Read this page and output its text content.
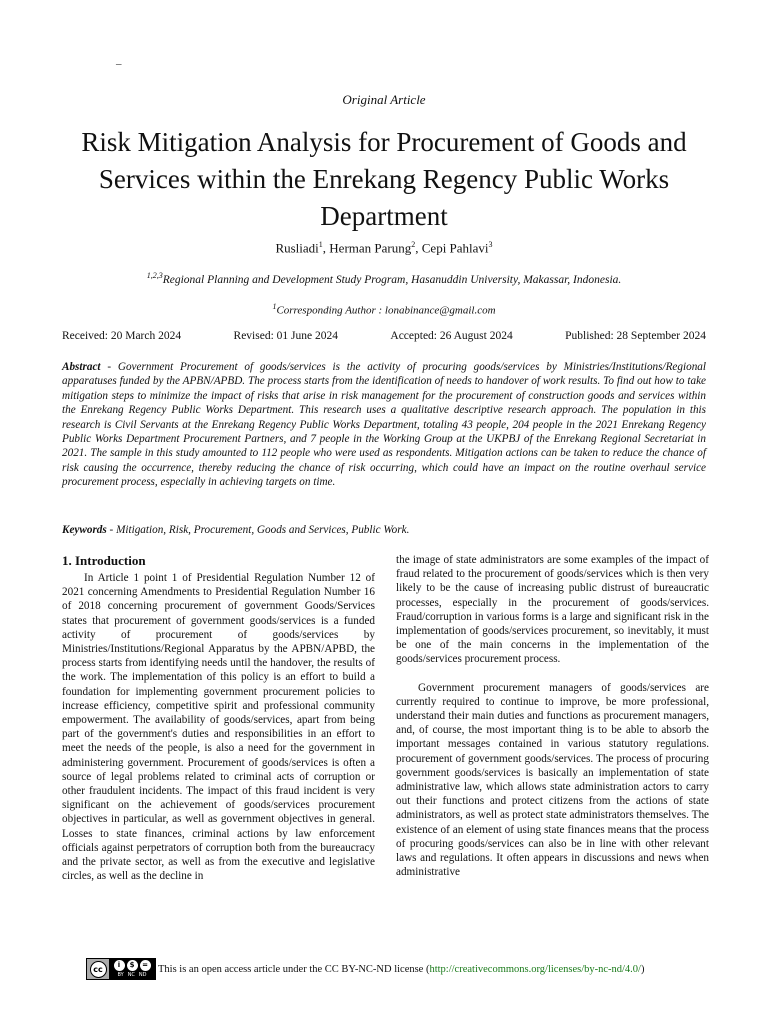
–
Original Article
Risk Mitigation Analysis for Procurement of Goods and Services within the Enrekang Regency Public Works Department
Rusliadi$^1$, Herman Parung$^2$, Cepi Pahlavi$^3$
$^{1,2,3}$Regional Planning and Development Study Program, Hasanuddin University, Makassar, Indonesia.
$^1$Corresponding Author : lonabinance@gmail.com
Received: 20 March 2024	Revised: 01 June 2024	Accepted: 26 August 2024	Published: 28 September 2024

Abstract - Government Procurement of goods/services is the activity of procuring goods/services by Ministries/Institutions/Regional apparatuses funded by the APBN/APBD. The process starts from the identification of needs to handover of work results. To find out how to take mitigation steps to minimize the impact of risks that arise in risk management for the procurement of construction goods and services within the Enrekang Regency Public Works Department. This research uses a qualitative descriptive research approach. The population in this research is Civil Servants at the Enrekang Regency Public Works Department, totaling 43 people, 204 people in the 2021 Enrekang Regency Public Works Department Procurement Partners, and 7 people in the Working Group at the UKPBJ of the Enrekang Regional Secretariat in 2021. The sample in this study amounted to 112 people who were used as respondents. Mitigation actions can be taken to reduce the chance of risk causing the occurrence, thereby reducing the chance of risk occurring, which could have an impact on the routine overhaul service procurement process, especially in achieving targets on time.

Keywords - Mitigation, Risk, Procurement, Goods and Services, Public Work.
1. Introduction

In Article 1 point 1 of Presidential Regulation Number 12 of 2021 concerning Amendments to Presidential Regulation Number 16 of 2018 concerning procurement of government Goods/Services states that procurement of government goods/services is a funded activity of procurement of goods/services by Ministries/Institutions/Regional Apparatus by the APBN/APBD, the process starts from identifying needs until the handover, the results of the work. The implementation of this policy is an effort to build a foundation for implementing government procurement policies to increase efficiency, competitive spirit and professional community empowerment. The availability of goods/services, apart from being part of the government's duties and responsibilities in an effort to meet the needs of the people, is also a need for the government in administering government. Procurement of goods/services is often a source of legal problems related to criminal acts of corruption or other fraudulent incidents. The impact of this fraud incident is very significant on the achievement of goods/services procurement objectives in particular, as well as government objectives in general. Losses to state finances, criminal actions by law enforcement officials against perpetrators of corruption both from the bureaucracy and the private sector, as well as from the executive and legislative circles, as well as the decline in

the image of state administrators are some examples of the impact of fraud related to the procurement of goods/services which is then very likely to be the cause of increasing public distrust of bureaucratic processes, especially in the procurement of goods/services. Fraud/corruption in various forms is a large and significant risk in the implementation of goods/services procurement, so inevitably, it must be one of the main concerns in the implementation of the goods/services procurement process.

Government procurement managers of goods/services are currently required to continue to improve, be more professional, understand their main duties and functions as procurement managers, and, of course, the most important thing is to be able to absorb the important messages contained in various statutory regulations. procurement of government goods/services. The process of procuring government goods/services is basically an implementation of state administrative law, which allows state administration actors to carry out their functions and protect citizens from the actions of state administrators, as well as protect state administrators themselves. The existence of an element of using state finances means that the process of procuring goods/services can also be in line with other relevant laws and regulations. It often appears in discussions and news when administrative

cc	i	$	=
BY NC ND
This is an open access article under the CC BY-NC-ND license (http://creativecommons.org/licenses/by-nc-nd/4.0/)
